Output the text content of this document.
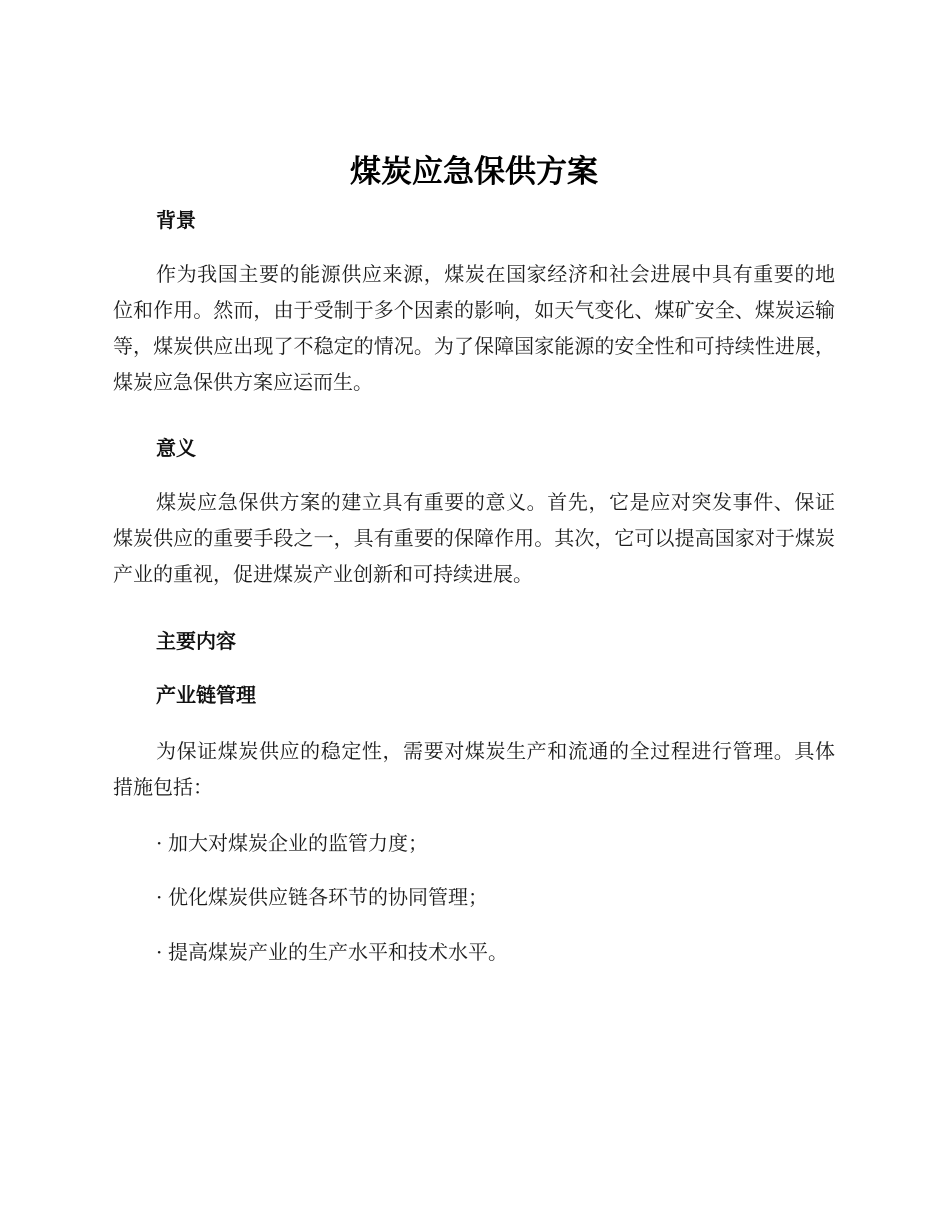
煤炭应急保供方案
背景

作为我国主要的能源供应来源，煤炭在国家经济和社会进展中具有重要的地位和作用。然而，由于受制于多个因素的影响，如天气变化、煤矿安全、煤炭运输等，煤炭供应出现了不稳定的情况。为了保障国家能源的安全性和可持续性进展，煤炭应急保供方案应运而生。

意义

煤炭应急保供方案的建立具有重要的意义。首先，它是应对突发事件、保证煤炭供应的重要手段之一，具有重要的保障作用。其次，它可以提高国家对于煤炭产业的重视，促进煤炭产业创新和可持续进展。

主要内容
产业链管理

为保证煤炭供应的稳定性，需要对煤炭生产和流通的全过程进行管理。具体措施包括：

· 加大对煤炭企业的监管力度；
· 优化煤炭供应链各环节的协同管理；
· 提高煤炭产业的生产水平和技术水平。
